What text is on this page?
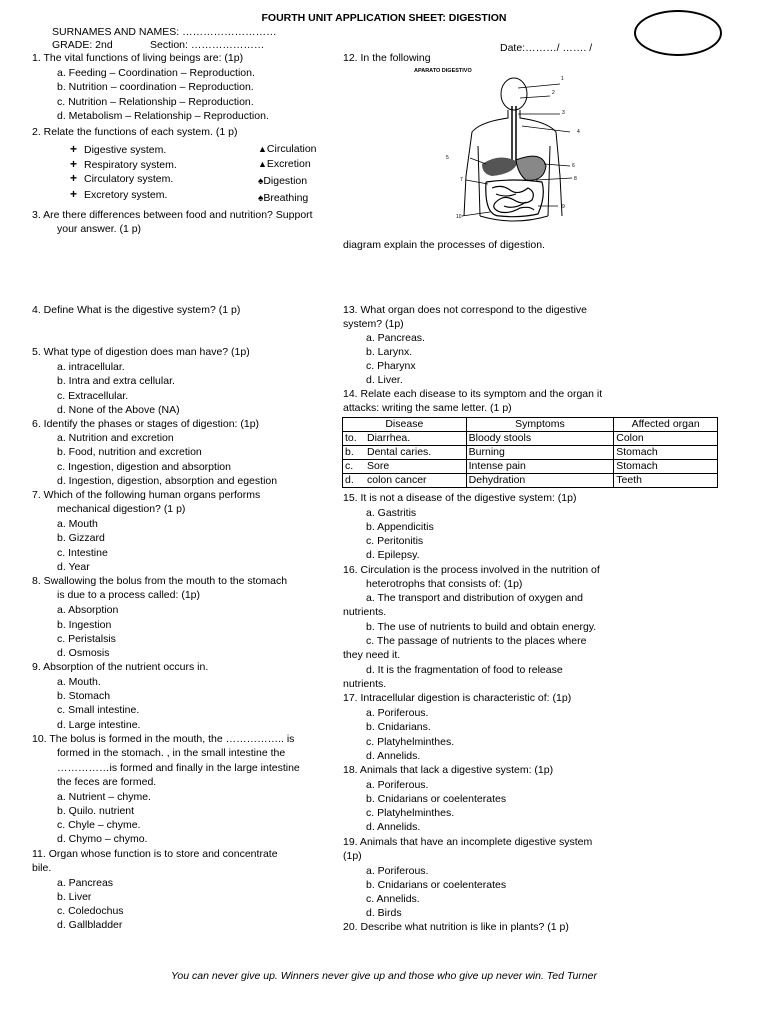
FOURTH UNIT APPLICATION SHEET: DIGESTION
SURNAMES AND NAMES: ………………………
GRADE: 2nd	Section: …………………	Date:………/ ……. /
1. The vital functions of living beings are: (1p)
a. Feeding – Coordination – Reproduction.
b. Nutrition – coordination – Reproduction.
c. Nutrition – Relationship – Reproduction.
d. Metabolism – Relationship – Reproduction.
2. Relate the functions of each system. (1 p)
+ Digestive system.
+ Respiratory system.
+ Circulatory system.
+ Excretory system.
▲Circulation
▲Excretion
♠Digestion
♠Breathing
3. Are there differences between food and nutrition? Support
your answer. (1 p)
12. In the following
APARATO DIGESTIVO
1
2
3
4
5
6
7	8
9
10
diagram explain the processes of digestion.
4. Define What is the digestive system? (1 p)
5. What type of digestion does man have? (1p)
a. intracellular.
b. Intra and extra cellular.
c. Extracellular.
d. None of the Above (NA)
6. Identify the phases or stages of digestion: (1p)
a. Nutrition and excretion
b. Food, nutrition and excretion
c. Ingestion, digestion and absorption
d. Ingestion, digestion, absorption and egestion
7. Which of the following human organs performs
mechanical digestion? (1 p)
a. Mouth
b. Gizzard
c. Intestine
d. Year
8. Swallowing the bolus from the mouth to the stomach
is due to a process called: (1p)
a. Absorption
b. Ingestion
c. Peristalsis
d. Osmosis
9. Absorption of the nutrient occurs in.
a. Mouth.
b. Stomach
c. Small intestine.
d. Large intestine.
10. The bolus is formed in the mouth, the …………….. is
formed in the stomach. , in the small intestine the
……………is formed and finally in the large intestine
the feces are formed.
a. Nutrient – chyme.
b. Quilo. nutrient
c. Chyle – chyme.
d. Chymo – chymo.
11. Organ whose function is to store and concentrate
bile.
a. Pancreas
b. Liver
c. Coledochus
d. Gallbladder
13. What organ does not correspond to the digestive
system? (1p)
a. Pancreas.
b. Larynx.
c. Pharynx
d. Liver.
14. Relate each disease to its symptom and the organ it
attacks: writing the same letter. (1 p)
Disease	Symptoms	Affected organ
to. Diarrhea.	Bloody stools	Colon
b. Dental caries.	Burning	Stomach
c. Sore	Intense pain	Stomach
d. colon cancer	Dehydration	Teeth
15. It is not a disease of the digestive system: (1p)
a. Gastritis
b. Appendicitis
c. Peritonitis
d. Epilepsy.
16. Circulation is the process involved in the nutrition of
heterotrophs that consists of: (1p)
a. The transport and distribution of oxygen and
nutrients.
b. The use of nutrients to build and obtain energy.
c. The passage of nutrients to the places where
they need it.
d. It is the fragmentation of food to release
nutrients.
17. Intracellular digestion is characteristic of: (1p)
a. Poriferous.
b. Cnidarians.
c. Platyhelminthes.
d. Annelids.
18. Animals that lack a digestive system: (1p)
a. Poriferous.
b. Cnidarians or coelenterates
c. Platyhelminthes.
d. Annelids.
19. Animals that have an incomplete digestive system
(1p)
a. Poriferous.
b. Cnidarians or coelenterates
c. Annelids.
d. Birds
20. Describe what nutrition is like in plants? (1 p)
You can never give up. Winners never give up and those who give up never win. Ted Turner
